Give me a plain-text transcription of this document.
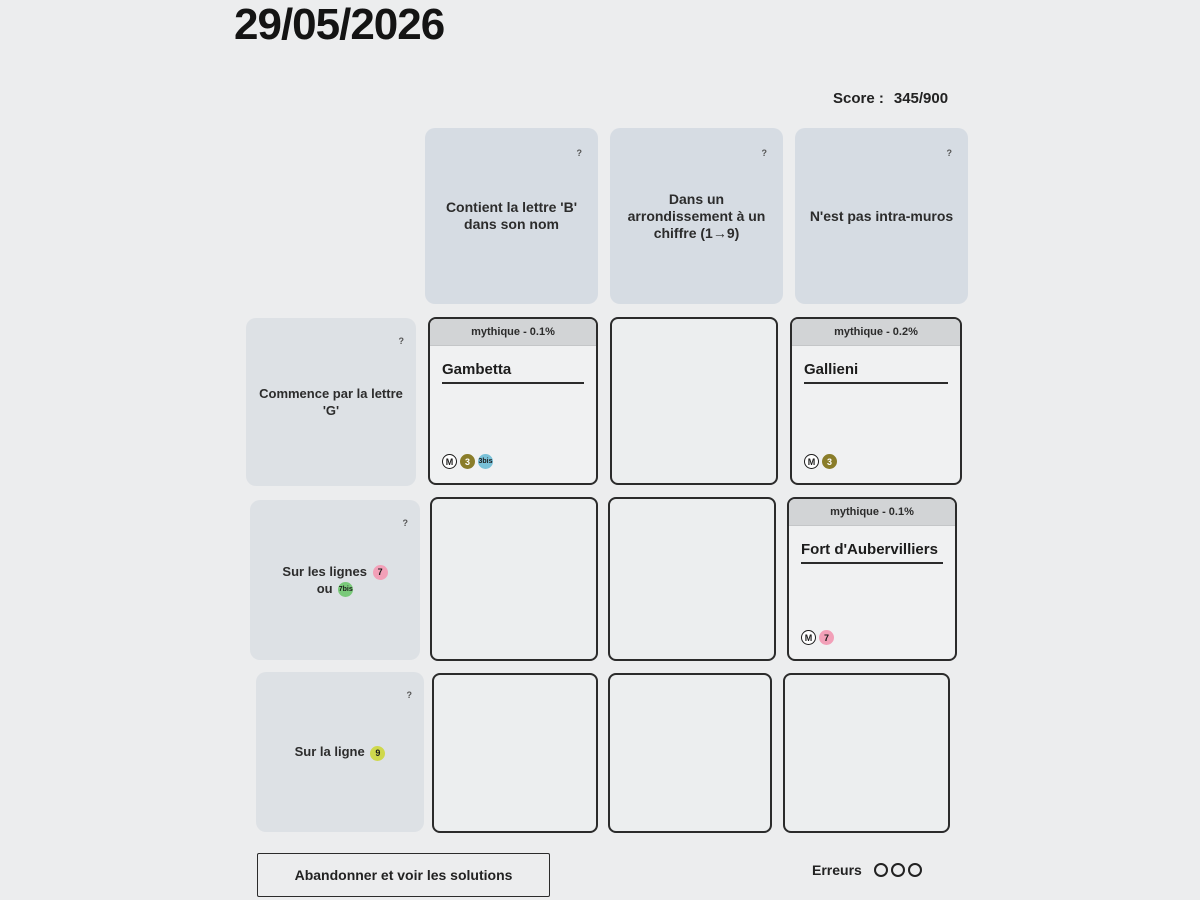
29/05/2026
Score : 345/900
?
Contient la lettre 'B' dans son nom
?
Dans un arrondissement à un chiffre (1→9)
?
N'est pas intra-muros
?
Commence par la lettre 'G'
?
Sur les lignes 7
ou 7bis
?
Sur la ligne 9
mythique - 0.1%
Gambetta
M	3	3bis
mythique - 0.2%
Gallieni
M	3
mythique - 0.1%
Fort d'Aubervilliers
M	7
Abandonner et voir les solutions	Erreurs
